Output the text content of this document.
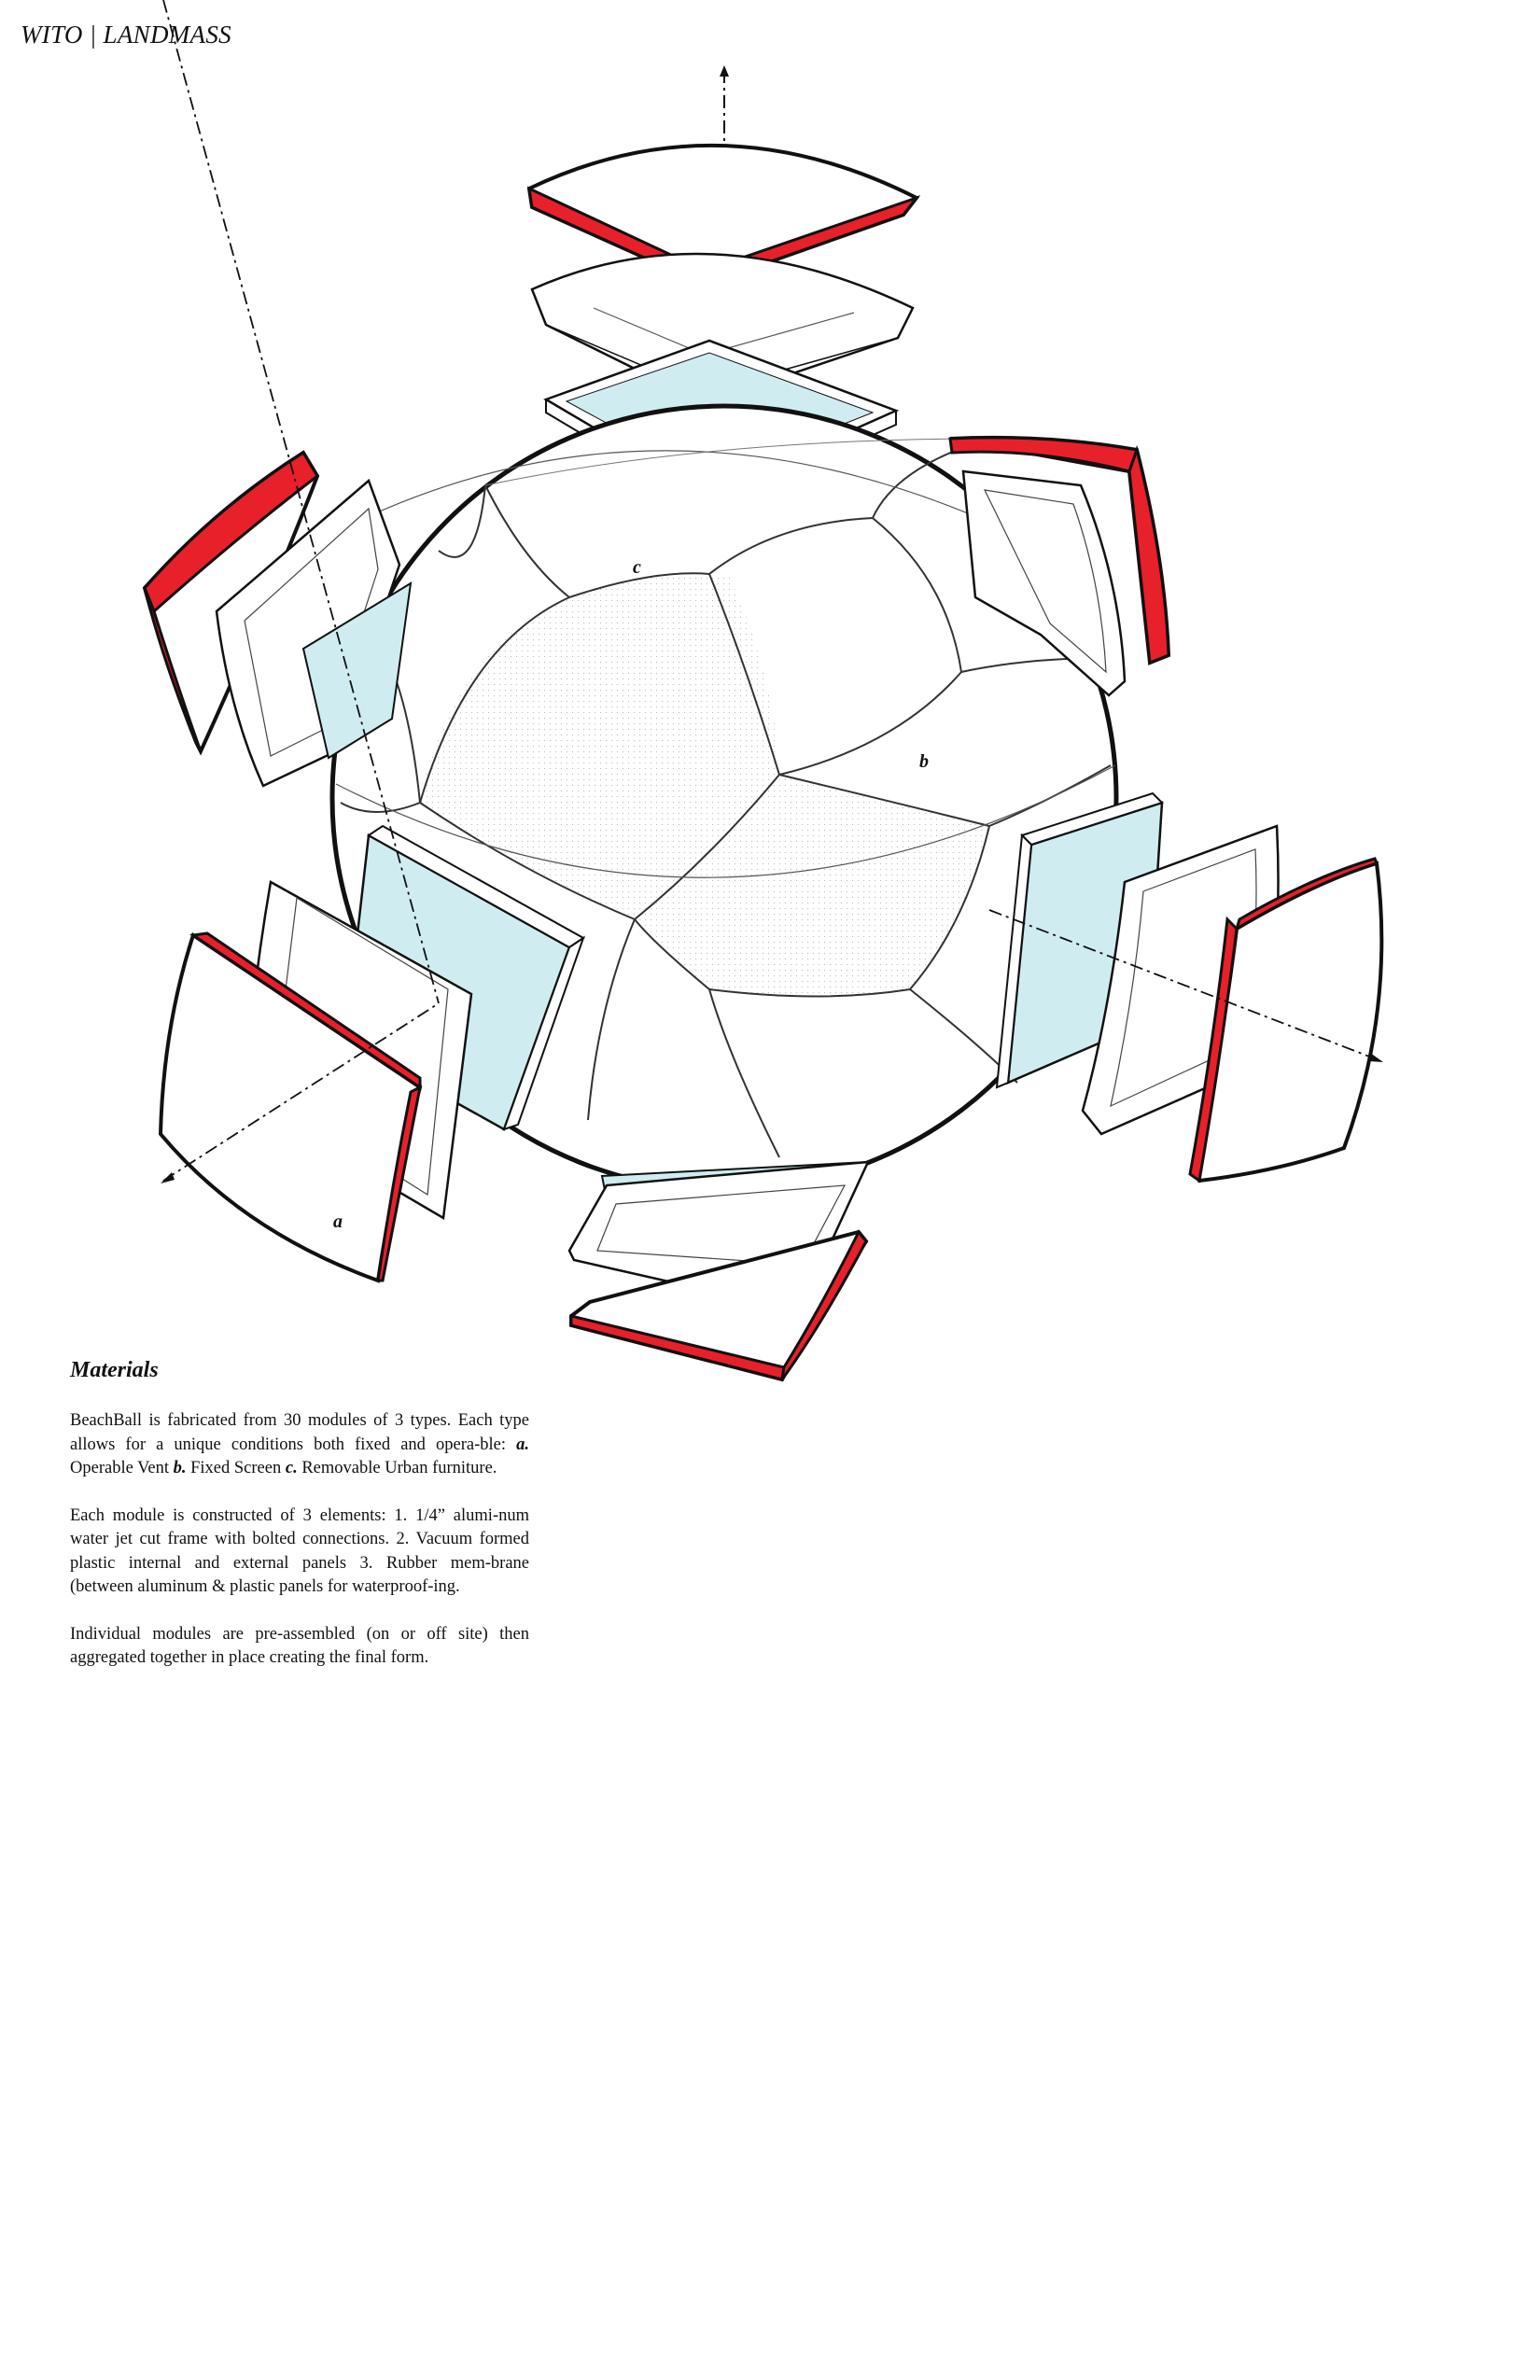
WITO | LANDMASS
c
b
a
Materials

BeachBall is fabricated from 30 modules of 3 types. Each type allows for a unique conditions both fixed and opera-ble: a. Operable Vent b. Fixed Screen c. Removable Urban furniture.

Each module is constructed of 3 elements: 1. 1/4” alumi-num water jet cut frame with bolted connections. 2. Vacuum formed plastic internal and external panels 3. Rubber mem-brane (between aluminum & plastic panels for waterproof-ing.

Individual modules are pre-assembled (on or off site) then aggregated together in place creating the final form.
